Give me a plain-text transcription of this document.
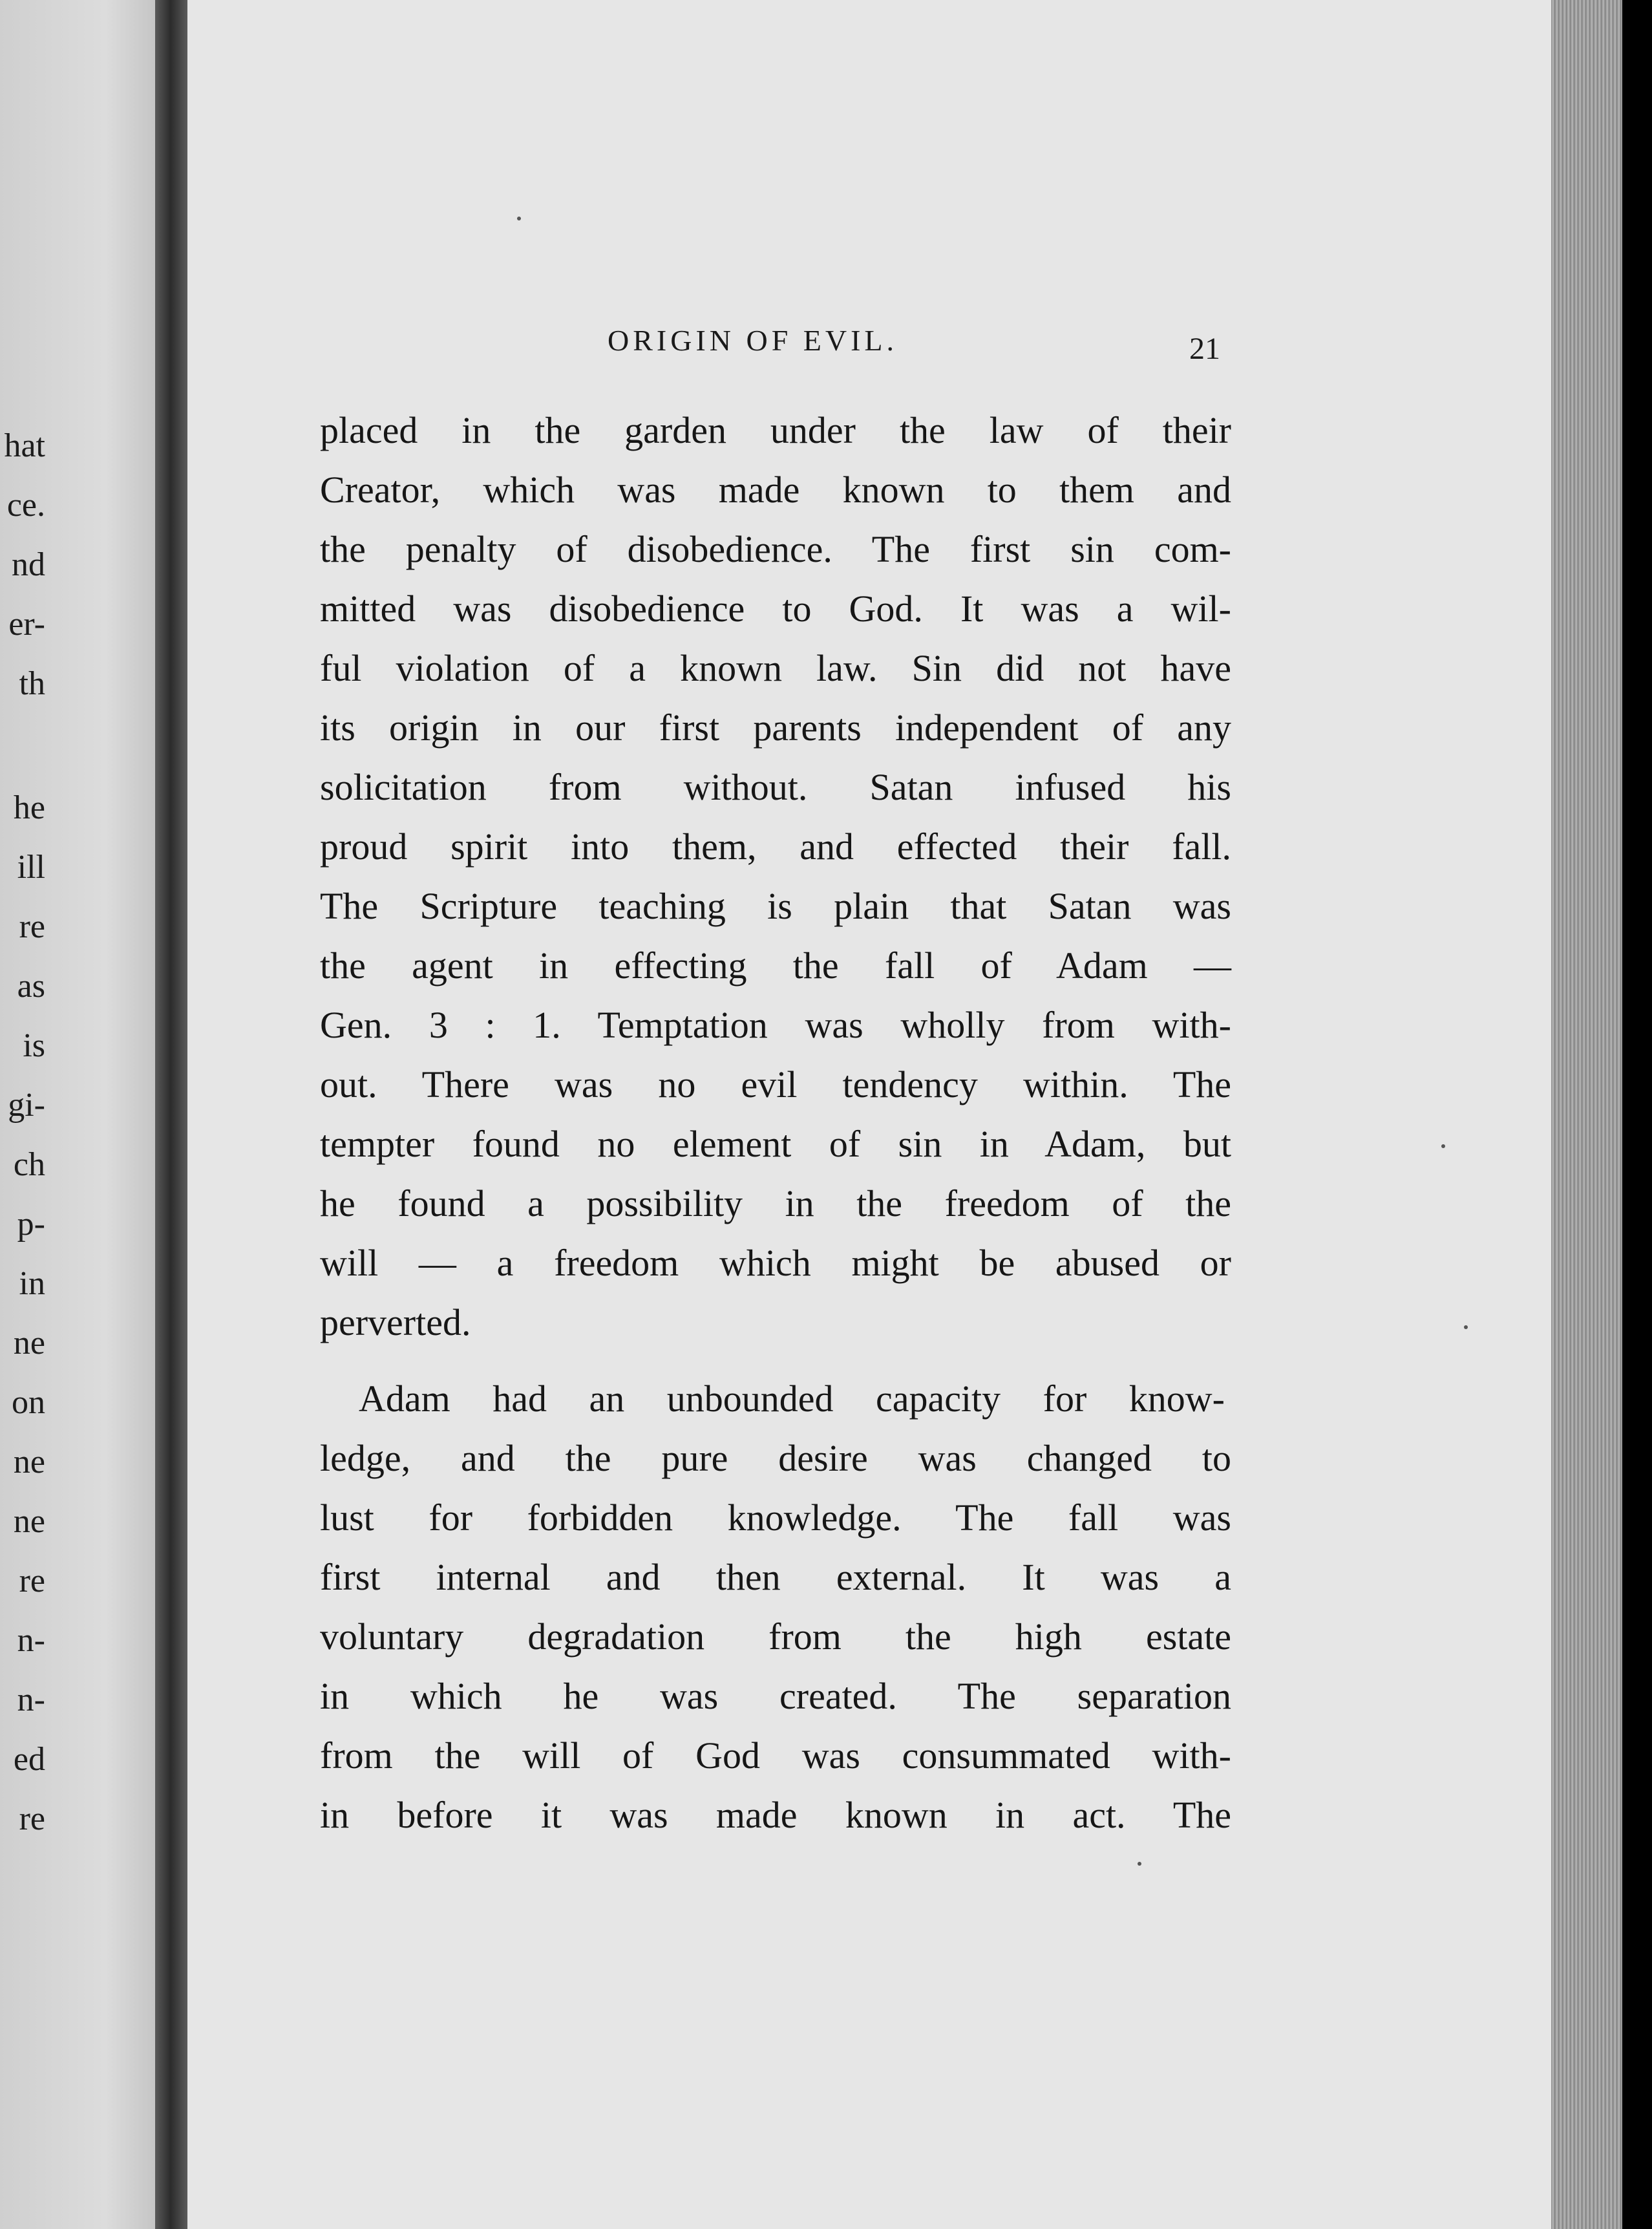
hat
ce.
nd
er-
th
he
ill
re
as
is
gi-
ch
p-
in
ne
on
ne
ne
re
n-
n-
ed
re
ORIGIN OF EVIL.	21
placed in the garden under the law of their
Creator, which was made known to them and
the penalty of disobedience. The first sin com-
mitted was disobedience to God. It was a wil-
ful violation of a known law. Sin did not have
its origin in our first parents independent of any
solicitation from without. Satan infused his
proud spirit into them, and effected their fall.
The Scripture teaching is plain that Satan was
the agent in effecting the fall of Adam —
Gen. 3 : 1. Temptation was wholly from with-
out. There was no evil tendency within. The
tempter found no element of sin in Adam, but
he found a possibility in the freedom of the
will — a freedom which might be abused or
perverted.
Adam had an unbounded capacity for know-
ledge, and the pure desire was changed to
lust for forbidden knowledge. The fall was
first internal and then external. It was a
voluntary degradation from the high estate
in which he was created. The separation
from the will of God was consummated with-
in before it was made known in act. The
